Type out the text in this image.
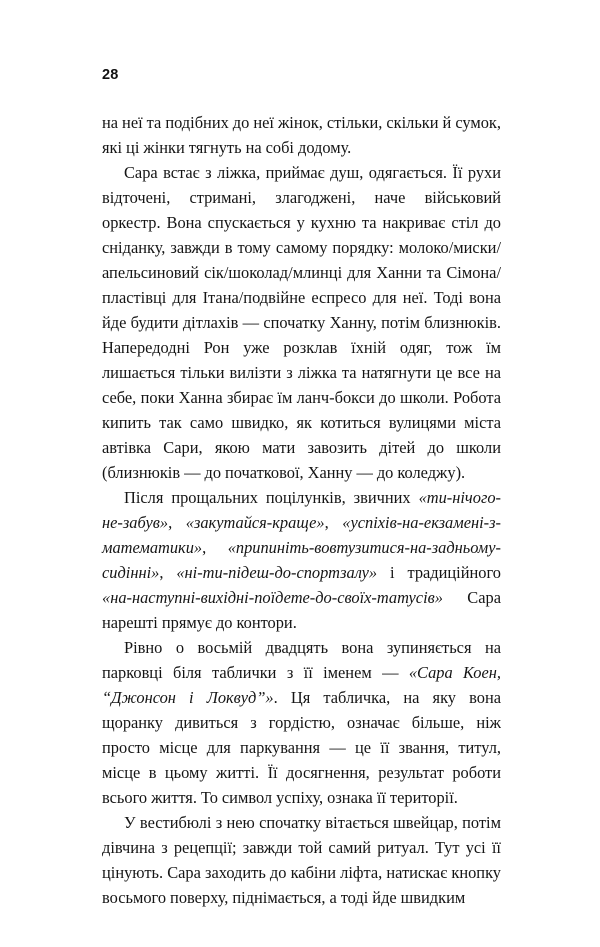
28

на неї та подібних до неї жінок, стільки, скільки й сумок, які ці жінки тягнуть на собі додому.

Сара встає з ліжка, приймає душ, одягається. Її рухи відточені, стримані, злагоджені, наче військовий оркестр. Вона спускається у кухню та накриває стіл до сніданку, завжди в тому самому порядку: молоко/миски/апельсиновий сік/шоколад/млинці для Ханни та Сімона/пластівці для Ітана/подвійне еспресо для неї. Тоді вона йде будити дітлахів — спочатку Ханну, потім близнюків. Напередодні Рон уже розклав їхній одяг, тож їм лишається тільки вилізти з ліжка та натягнути це все на себе, поки Ханна збирає їм ланч-бокси до школи. Робота кипить так само швидко, як котиться вулицями міста автівка Сари, якою мати завозить дітей до школи (близнюків — до початкової, Ханну — до коледжу).

Після прощальних поцілунків, звичних «ти-нічого-не-забув», «закутайся-краще», «успіхів-на-екзамені-з-математики», «припиніть-вовтузитися-на-задньому-сидінні», «ні-ти-підеш-до-спортзалу» і традиційного «на-наступні-вихідні-поїдете-до-своїх-татусів» Сара нарешті прямує до контори.

Рівно о восьмій двадцять вона зупиняється на парковці біля таблички з її іменем — «Сара Коен, “Джонсон і Локвуд”». Ця табличка, на яку вона щоранку дивиться з гордістю, означає більше, ніж просто місце для паркування — це її звання, титул, місце в цьому житті. Її досягнення, результат роботи всього життя. То символ успіху, ознака її території.

У вестибюлі з нею спочатку вітається швейцар, потім дівчина з рецепції; завжди той самий ритуал. Тут усі її цінують. Сара заходить до кабіни ліфта, натискає кнопку восьмого поверху, піднімається, а тоді йде швидким
